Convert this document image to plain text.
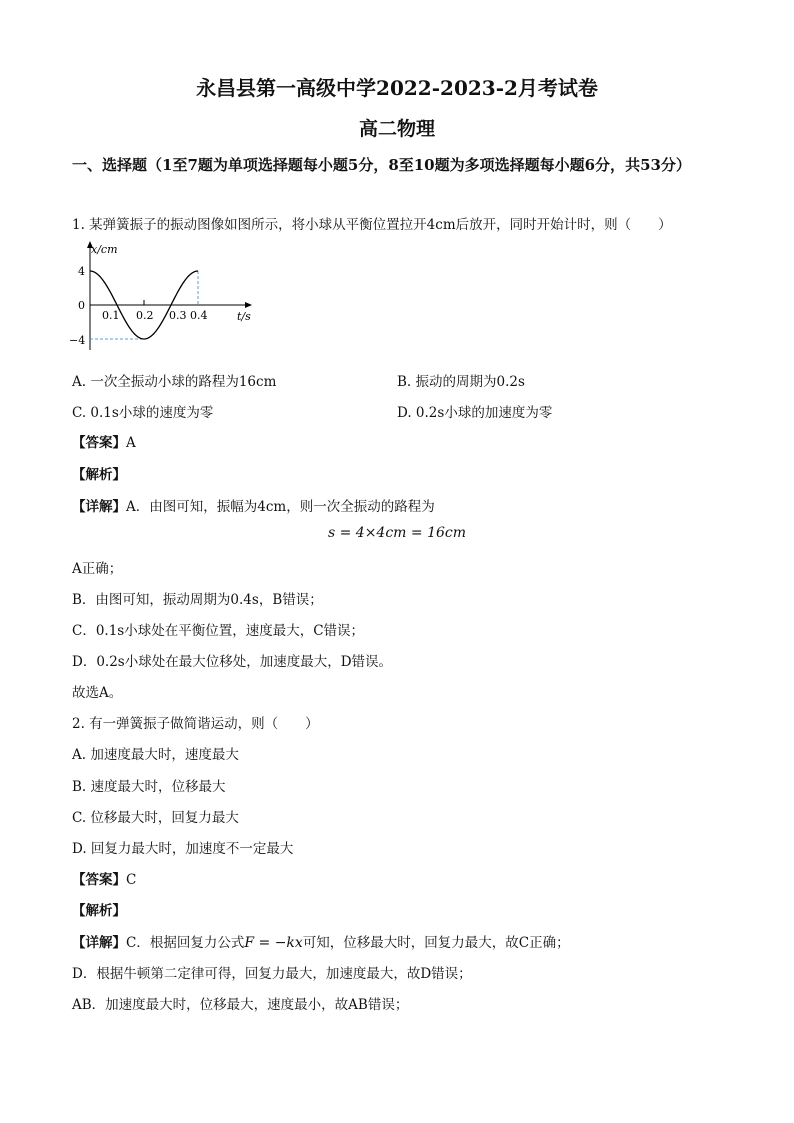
永昌县第一高级中学2022-2023-2月考试卷
高二物理
一、选择题（1至7题为单项选择题每小题5分，8至10题为多项选择题每小题6分，共53分）
1. 某弹簧振子的振动图像如图所示，将小球从平衡位置拉开4cm后放开，同时开始计时，则（　　）
x/cm
t/s
4
0
−4
0.1 0.2 0.3 0.4
A. 一次全振动小球的路程为16cm	B. 振动的周期为0.2s
C. 0.1s小球的速度为零	D. 0.2s小球的加速度为零
【答案】A
【解析】
【详解】A．由图可知，振幅为4cm，则一次全振动的路程为
s = 4×4cm = 16cm
A正确；
B．由图可知，振动周期为0.4s，B错误；
C．0.1s小球处在平衡位置，速度最大，C错误；
D．0.2s小球处在最大位移处，加速度最大，D错误。
故选A。
2. 有一弹簧振子做简谐运动，则（　　）
A. 加速度最大时，速度最大
B. 速度最大时，位移最大
C. 位移最大时，回复力最大
D. 回复力最大时，加速度不一定最大
【答案】C
【解析】
【详解】C．根据回复力公式F = −kx可知，位移最大时，回复力最大，故C正确；
D．根据牛顿第二定律可得，回复力最大，加速度最大，故D错误；
AB．加速度最大时，位移最大，速度最小，故AB错误；
